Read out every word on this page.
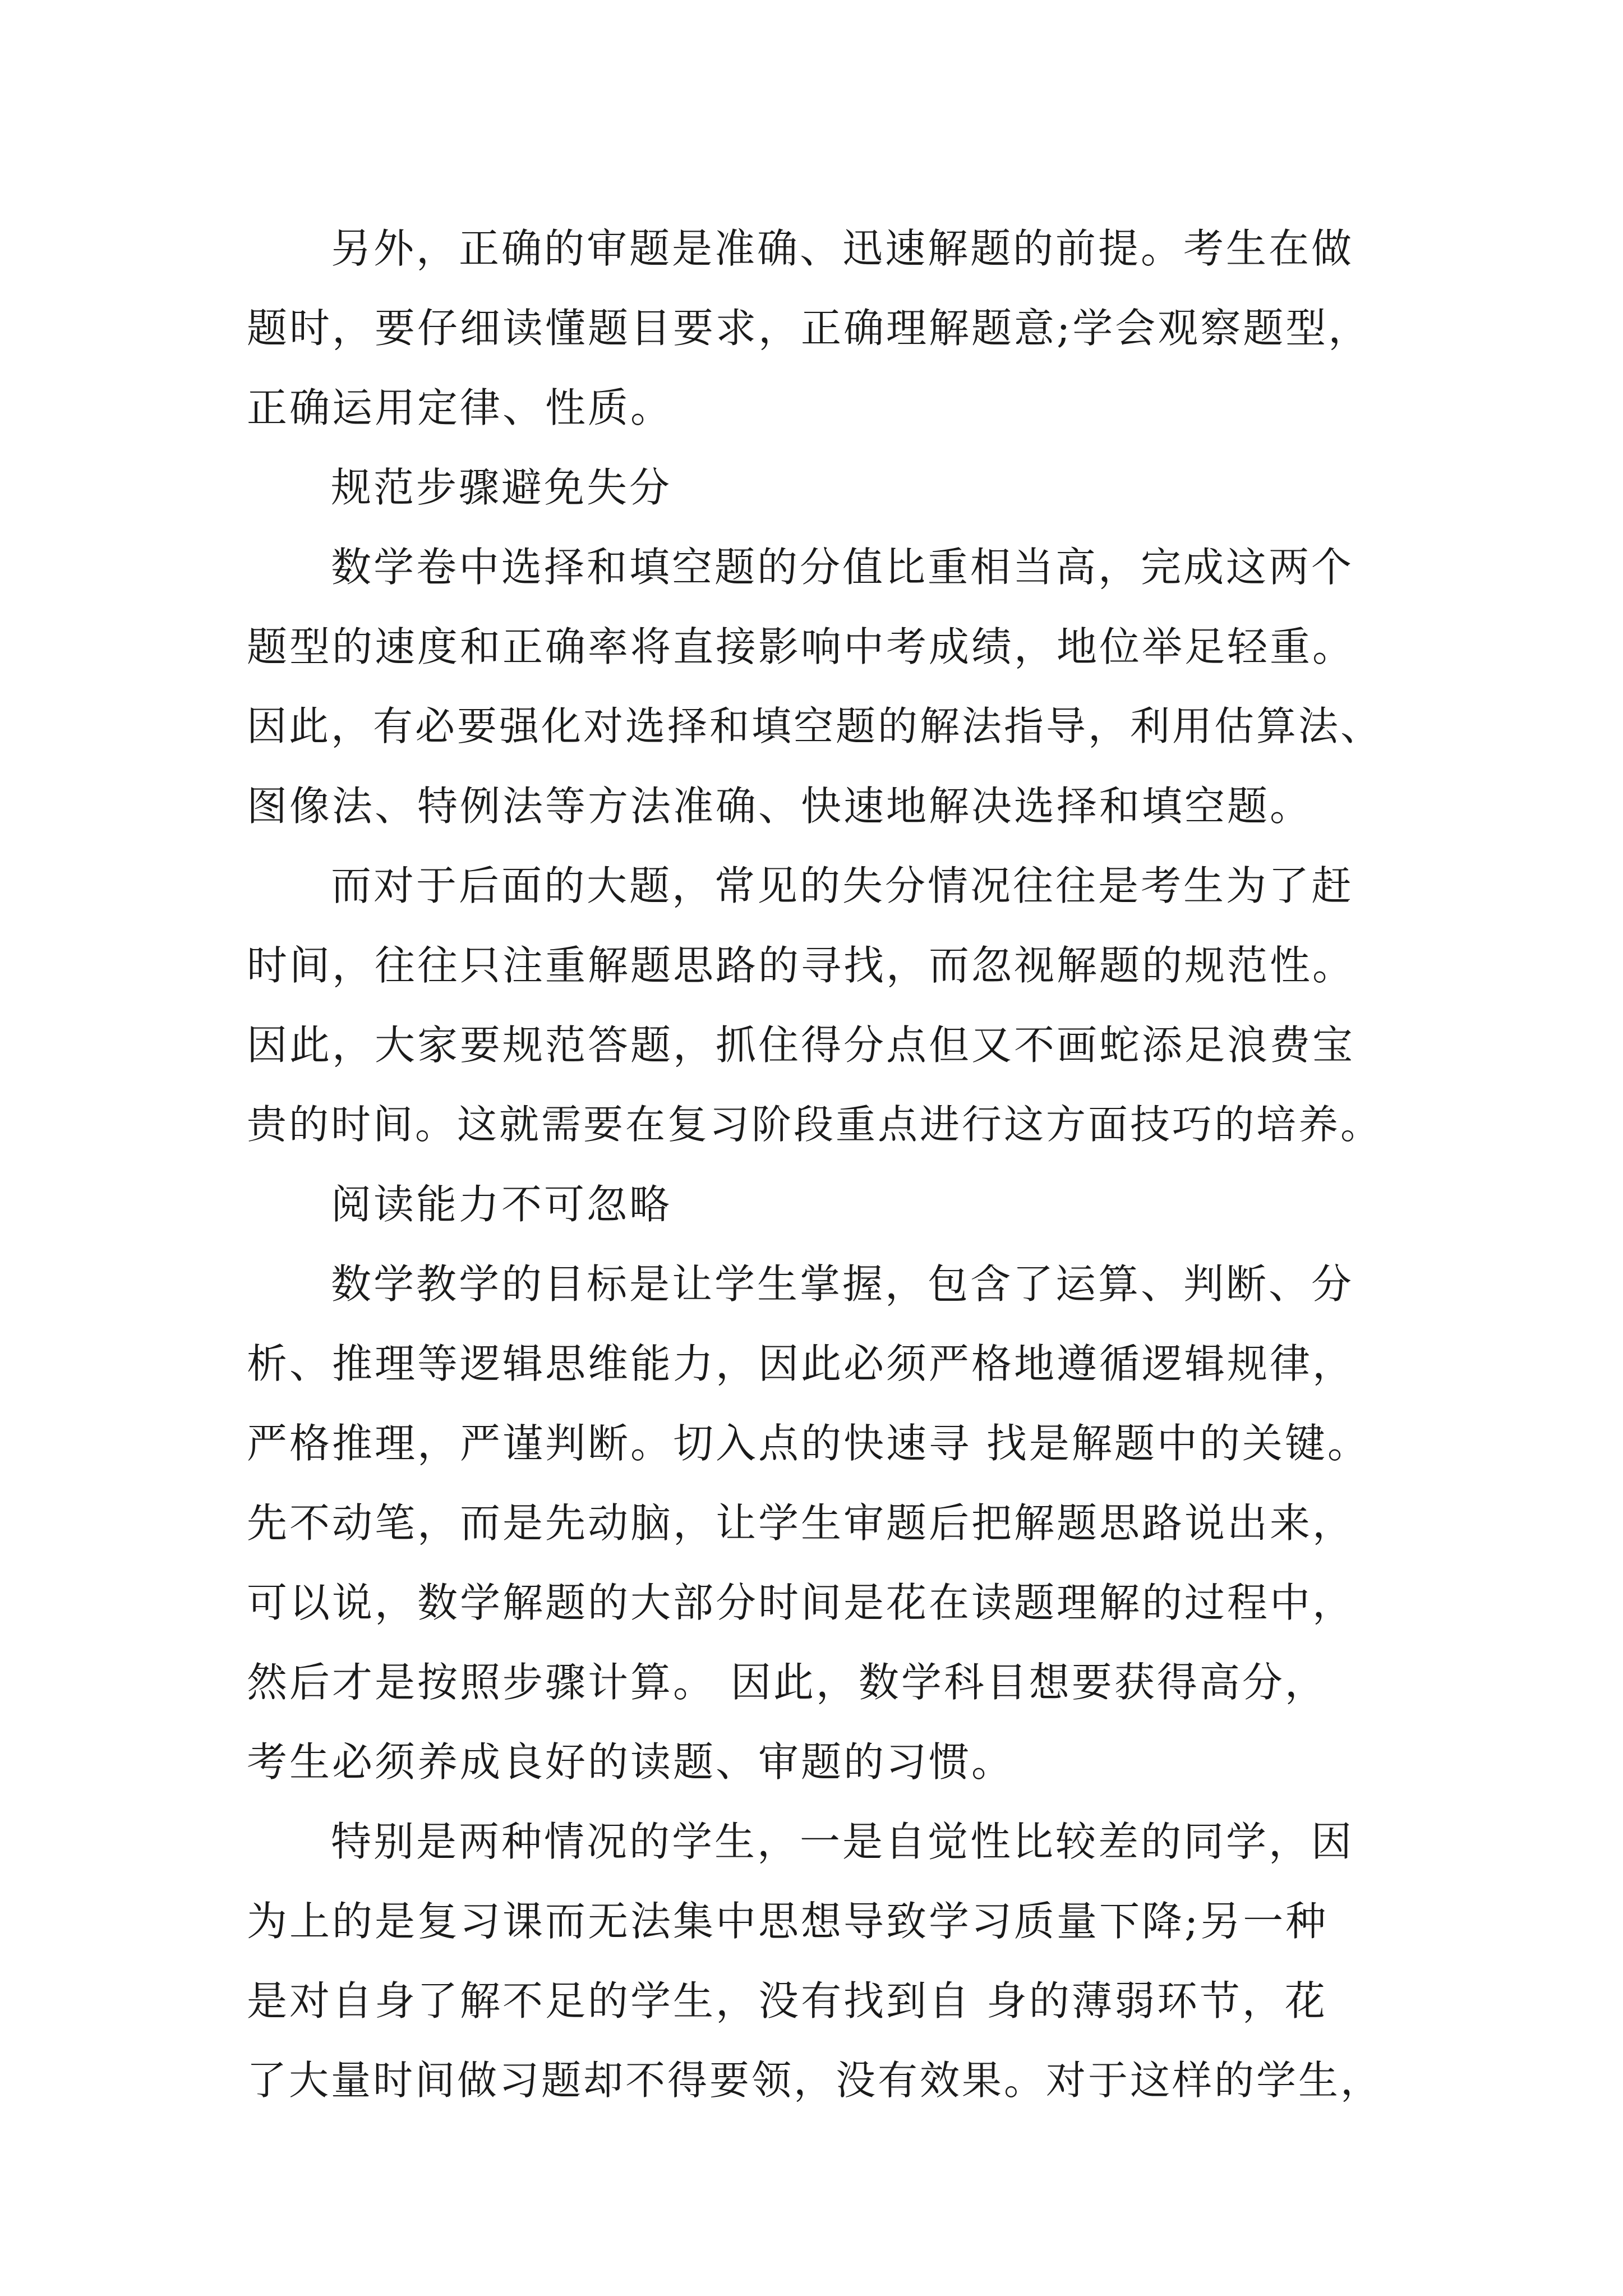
另外，正确的审题是准确、迅速解题的前提。考生在做
题时，要仔细读懂题目要求，正确理解题意;学会观察题型，
正确运用定律、性质。
规范步骤避免失分
数学卷中选择和填空题的分值比重相当高，完成这两个
题型的速度和正确率将直接影响中考成绩，地位举足轻重。
因此，有必要强化对选择和填空题的解法指导，利用估算法、
图像法、特例法等方法准确、快速地解决选择和填空题。
而对于后面的大题，常见的失分情况往往是考生为了赶
时间，往往只注重解题思路的寻找，而忽视解题的规范性。
因此，大家要规范答题，抓住得分点但又不画蛇添足浪费宝
贵的时间。这就需要在复习阶段重点进行这方面技巧的培养。
阅读能力不可忽略
数学教学的目标是让学生掌握，包含了运算、判断、分
析、推理等逻辑思维能力，因此必须严格地遵循逻辑规律，
严格推理，严谨判断。切入点的快速寻 找是解题中的关键。
先不动笔，而是先动脑，让学生审题后把解题思路说出来，
可以说，数学解题的大部分时间是花在读题理解的过程中，
然后才是按照步骤计算。 因此，数学科目想要获得高分，
考生必须养成良好的读题、审题的习惯。
特别是两种情况的学生，一是自觉性比较差的同学，因
为上的是复习课而无法集中思想导致学习质量下降;另一种
是对自身了解不足的学生，没有找到自 身的薄弱环节，花
了大量时间做习题却不得要领，没有效果。对于这样的学生，
